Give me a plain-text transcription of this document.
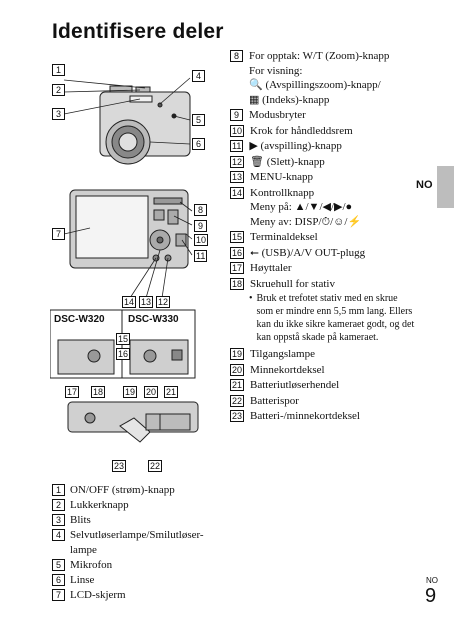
Identifisere deler
1
2
3
4
5
6
7
8
9
10
11
14 13 12
DSC-W320 DSC-W330
15
16
17 18 19 20 21
23	22
1 ON/OFF (strøm)-knapp
2 Lukkerknapp
3 Blits
4 Selvutløserlampe/Smilutløser-lampe
5 Mikrofon
6 Linse
7 LCD-skjerm
8 For opptak: W/T (Zoom)-knapp
For visning:
🔍 (Avspillingszoom)-knapp/
▦ (Indeks)-knapp
9 Modusbryter
10 Krok for håndleddsrem
11 ▶ (avspilling)-knapp
12 🗑 (Slett)-knapp
13 MENU-knapp
14 Kontrollknapp
Meny på: ▲/▼/◀/▶/●
Meny av: DISP/⏱/☺/⚡
15 Terminaldeksel
16 ⭠ (USB)/A/V OUT-plugg
17 Høyttaler
18 Skruehull for stativ
• Bruk et trefotet stativ med en skrue som er mindre enn 5,5 mm lang. Ellers kan du ikke sikre kameraet godt, og det kan oppstå skade på kameraet.
19 Tilgangslampe
20 Minnekortdeksel
21 Batteriutløserhendel
22 Batterispor
23 Batteri-/minnekortdeksel
NO
NO
9
